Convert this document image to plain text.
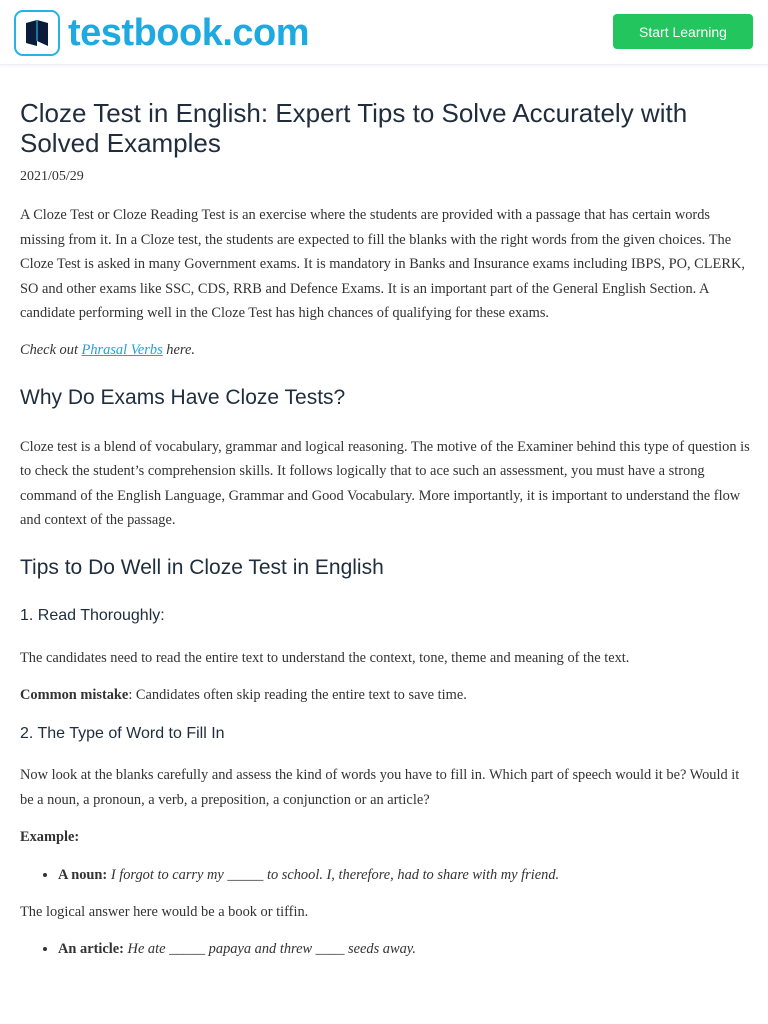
testbook.com	Start Learning
Cloze Test in English: Expert Tips to Solve Accurately with Solved Examples
2021/05/29

A Cloze Test or Cloze Reading Test is an exercise where the students are provided with a passage that has certain words missing from it. In a Cloze test, the students are expected to fill the blanks with the right words from the given choices. The Cloze Test is asked in many Government exams. It is mandatory in Banks and Insurance exams including IBPS, PO, CLERK, SO and other exams like SSC, CDS, RRB and Defence Exams. It is an important part of the General English Section. A candidate performing well in the Cloze Test has high chances of qualifying for these exams.

Check out Phrasal Verbs here.

Why Do Exams Have Cloze Tests?

Cloze test is a blend of vocabulary, grammar and logical reasoning. The motive of the Examiner behind this type of question is to check the student’s comprehension skills. It follows logically that to ace such an assessment, you must have a strong command of the English Language, Grammar and Good Vocabulary. More importantly, it is important to understand the flow and context of the passage.

Tips to Do Well in Cloze Test in English
1. Read Thoroughly:

The candidates need to read the entire text to understand the context, tone, theme and meaning of the text.

Common mistake: Candidates often skip reading the entire text to save time.

2. The Type of Word to Fill In

Now look at the blanks carefully and assess the kind of words you have to fill in. Which part of speech would it be? Would it be a noun, a pronoun, a verb, a preposition, a conjunction or an article?

Example:

• A noun: I forgot to carry my _____ to school. I, therefore, had to share with my friend.

The logical answer here would be a book or tiffin.

• An article: He ate _____ papaya and threw ____ seeds away.
